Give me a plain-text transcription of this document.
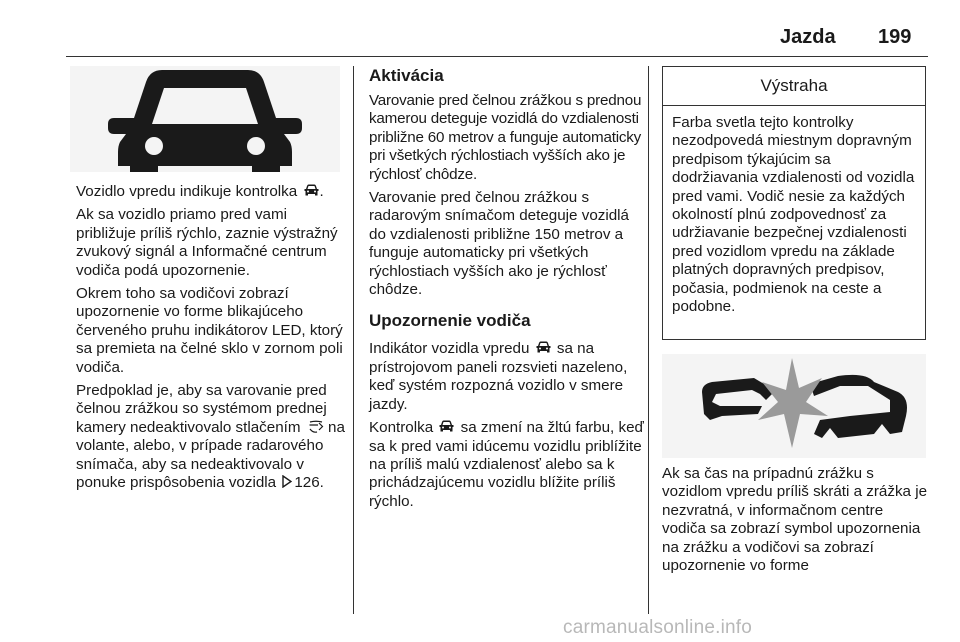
Jazda 199

Vozidlo vpredu indikuje kontrolka .

Ak sa vozidlo priamo pred vami približuje príliš rýchlo, zaznie výstražný zvukový signál a Informačné centrum vodiča podá upozornenie.

Okrem toho sa vodičovi zobrazí upozornenie vo forme blikajúceho červeného pruhu indikátorov LED, ktorý sa premieta na čelné sklo v zornom poli vodiča.

Predpoklad je, aby sa varovanie pred čelnou zrážkou so systémom prednej kamery nedeaktivovalo stlačením na volante, alebo, v prípade radarového snímača, aby sa nedeaktivovalo v ponuke prispôsobenia vozidla 126.

Aktivácia

Varovanie pred čelnou zrážkou s prednou kamerou deteguje vozidlá do vzdialenosti približne 60 metrov a funguje automaticky pri všetkých rýchlostiach vyšších ako je rýchlosť chôdze.

Varovanie pred čelnou zrážkou s radarovým snímačom deteguje vozidlá do vzdialenosti približne 150 metrov a funguje automaticky pri všetkých rýchlostiach vyšších ako je rýchlosť chôdze.

Upozornenie vodiča

Indikátor vozidla vpredu sa na prístrojovom paneli rozsvieti nazeleno, keď systém rozpozná vozidlo v smere jazdy.

Kontrolka sa zmení na žltú farbu, keď sa k pred vami idúcemu vozidlu priblížite na príliš malú vzdialenosť alebo sa k prichádzajúcemu vozidlu blížite príliš rýchlo.

Výstraha
Farba svetla tejto kontrolky nezodpovedá miestnym dopravným predpisom týkajúcim sa dodržiavania vzdialenosti od vozidla pred vami. Vodič nesie za každých okolností plnú zodpovednosť za udržiavanie bezpečnej vzdialenosti pred vozidlom vpredu na základe platných dopravných predpisov, počasia, podmienok na ceste a podobne.

Ak sa čas na prípadnú zrážku s vozidlom vpredu príliš skráti a zrážka je nezvratná, v informačnom centre vodiča sa zobrazí symbol upozornenia na zrážku a vodičovi sa zobrazí upozornenie vo forme

carmanualsonline.info
